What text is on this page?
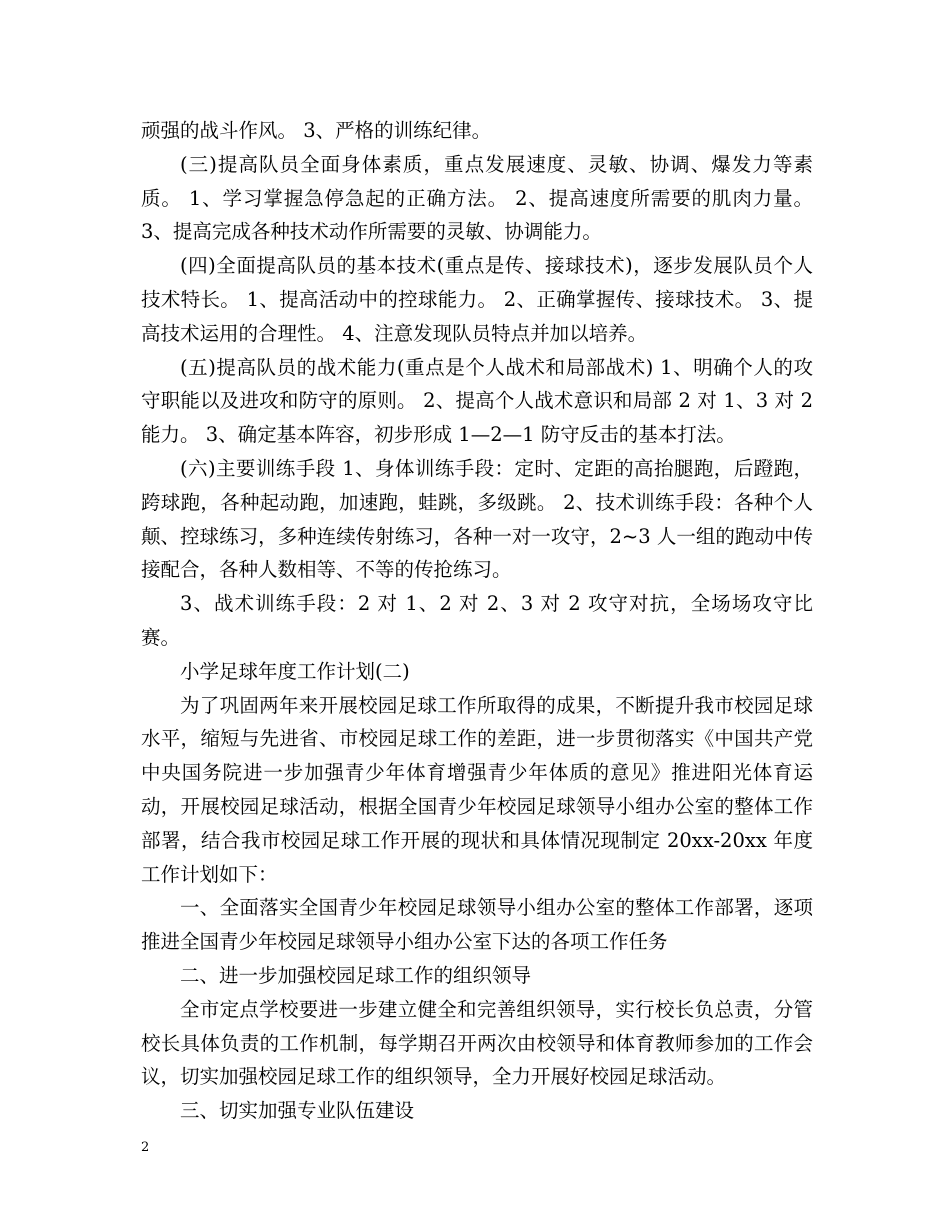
顽强的战斗作风。 3、严格的训练纪律。

(三)提高队员全面身体素质，重点发展速度、灵敏、协调、爆发力等素质。 1、学习掌握急停急起的正确方法。 2、提高速度所需要的肌肉力量。 3、提高完成各种技术动作所需要的灵敏、协调能力。

(四)全面提高队员的基本技术(重点是传、接球技术)，逐步发展队员个人技术特长。 1、提高活动中的控球能力。 2、正确掌握传、接球技术。 3、提高技术运用的合理性。 4、注意发现队员特点并加以培养。

(五)提高队员的战术能力(重点是个人战术和局部战术) 1、明确个人的攻守职能以及进攻和防守的原则。 2、提高个人战术意识和局部 2 对 1、3 对 2 能力。 3、确定基本阵容，初步形成 1—2—1 防守反击的基本打法。

(六)主要训练手段 1、身体训练手段：定时、定距的高抬腿跑，后蹬跑，跨球跑，各种起动跑，加速跑，蛙跳，多级跳。 2、技术训练手段：各种个人颠、控球练习，多种连续传射练习，各种一对一攻守，2~3 人一组的跑动中传接配合，各种人数相等、不等的传抢练习。

3、战术训练手段：2 对 1、2 对 2、3 对 2 攻守对抗，全场场攻守比赛。

小学足球年度工作计划(二)

为了巩固两年来开展校园足球工作所取得的成果，不断提升我市校园足球水平，缩短与先进省、市校园足球工作的差距，进一步贯彻落实《中国共产党中央国务院进一步加强青少年体育增强青少年体质的意见》推进阳光体育运动，开展校园足球活动，根据全国青少年校园足球领导小组办公室的整体工作部署，结合我市校园足球工作开展的现状和具体情况现制定 20xx-20xx 年度工作计划如下：

一、全面落实全国青少年校园足球领导小组办公室的整体工作部署，逐项推进全国青少年校园足球领导小组办公室下达的各项工作任务

二、进一步加强校园足球工作的组织领导

全市定点学校要进一步建立健全和完善组织领导，实行校长负总责，分管校长具体负责的工作机制，每学期召开两次由校领导和体育教师参加的工作会议，切实加强校园足球工作的组织领导，全力开展好校园足球活动。

三、切实加强专业队伍建设

2
